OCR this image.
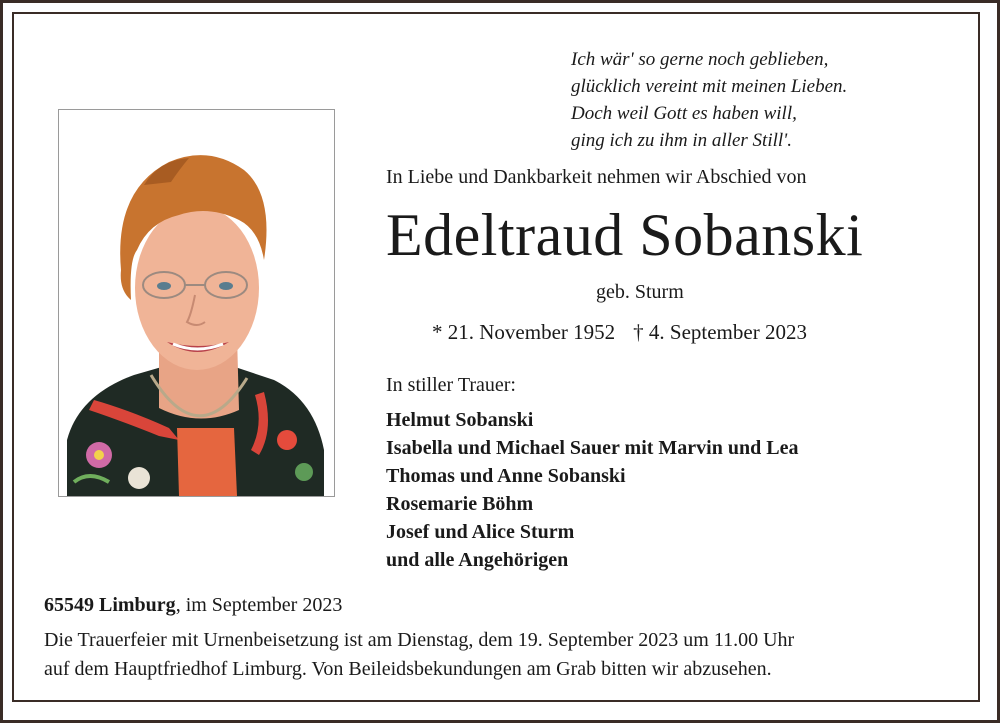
Ich wär' so gerne noch geblieben,
glücklich vereint mit meinen Lieben.
Doch weil Gott es haben will,
ging ich zu ihm in aller Still'.
In Liebe und Dankbarkeit nehmen wir Abschied von
Edeltraud Sobanski
geb. Sturm
* 21. November 1952 † 4. September 2023
In stiller Trauer:
Helmut Sobanski
Isabella und Michael Sauer mit Marvin und Lea
Thomas und Anne Sobanski
Rosemarie Böhm
Josef und Alice Sturm
und alle Angehörigen
65549 Limburg, im September 2023
Die Trauerfeier mit Urnenbeisetzung ist am Dienstag, dem 19. September 2023 um 11.00 Uhr
auf dem Hauptfriedhof Limburg. Von Beileidsbekundungen am Grab bitten wir abzusehen.
